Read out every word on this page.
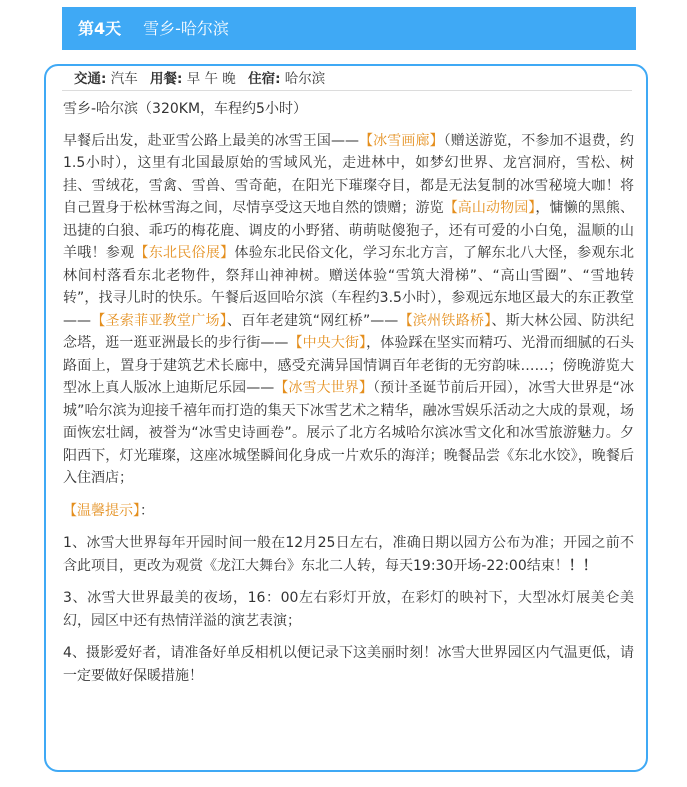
第4天 雪乡-哈尔滨
交通: 汽车 用餐: 早 午 晚 住宿: 哈尔滨

雪乡-哈尔滨（320KM，车程约5小时）

早餐后出发，赴亚雪公路上最美的冰雪王国——【冰雪画廊】（赠送游览，不参加不退费，约1.5小时），这里有北国最原始的雪域风光，走进林中，如梦幻世界、龙宫洞府，雪松、树挂、雪绒花，雪禽、雪兽、雪奇葩，在阳光下璀璨夺目，都是无法复制的冰雪秘境大咖！将自己置身于松林雪海之间，尽情享受这天地自然的馈赠；游览【高山动物园】，慵懒的黑熊、迅捷的白狼、乖巧的梅花鹿、调皮的小野猪、萌萌哒傻狍子，还有可爱的小白兔，温顺的山羊哦！参观【东北民俗展】体验东北民俗文化，学习东北方言，了解东北八大怪，参观东北林间村落看东北老物件，祭拜山神神树。赠送体验“雪筑大滑梯”、“高山雪圈”、“雪地转转”，找寻儿时的快乐。午餐后返回哈尔滨（车程约3.5小时），参观远东地区最大的东正教堂——【圣索菲亚教堂广场】、百年老建筑“网红桥”——【滨州铁路桥】、斯大林公园、防洪纪念塔，逛一逛亚洲最长的步行街——【中央大街】，体验踩在坚实而精巧、光滑而细腻的石头路面上，置身于建筑艺术长廊中，感受充满异国情调百年老街的无穷韵味……；傍晚游览大型冰上真人版冰上迪斯尼乐园——【冰雪大世界】（预计圣诞节前后开园），冰雪大世界是“冰城”哈尔滨为迎接千禧年而打造的集天下冰雪艺术之精华，融冰雪娱乐活动之大成的景观，场面恢宏壮阔，被誉为“冰雪史诗画卷”。展示了北方名城哈尔滨冰雪文化和冰雪旅游魅力。夕阳西下，灯光璀璨，这座冰城堡瞬间化身成一片欢乐的海洋；晚餐品尝《东北水饺》，晚餐后入住酒店；

【温馨提示】：

1、冰雪大世界每年开园时间一般在12月25日左右，准确日期以园方公布为准；开园之前不含此项目，更改为观赏《龙江大舞台》东北二人转，每天19:30开场-22:00结束！！！

3、冰雪大世界最美的夜场，16：00左右彩灯开放，在彩灯的映衬下，大型冰灯展美仑美幻，园区中还有热情洋溢的演艺表演；

4、摄影爱好者，请准备好单反相机以便记录下这美丽时刻！冰雪大世界园区内气温更低，请一定要做好保暖措施！
